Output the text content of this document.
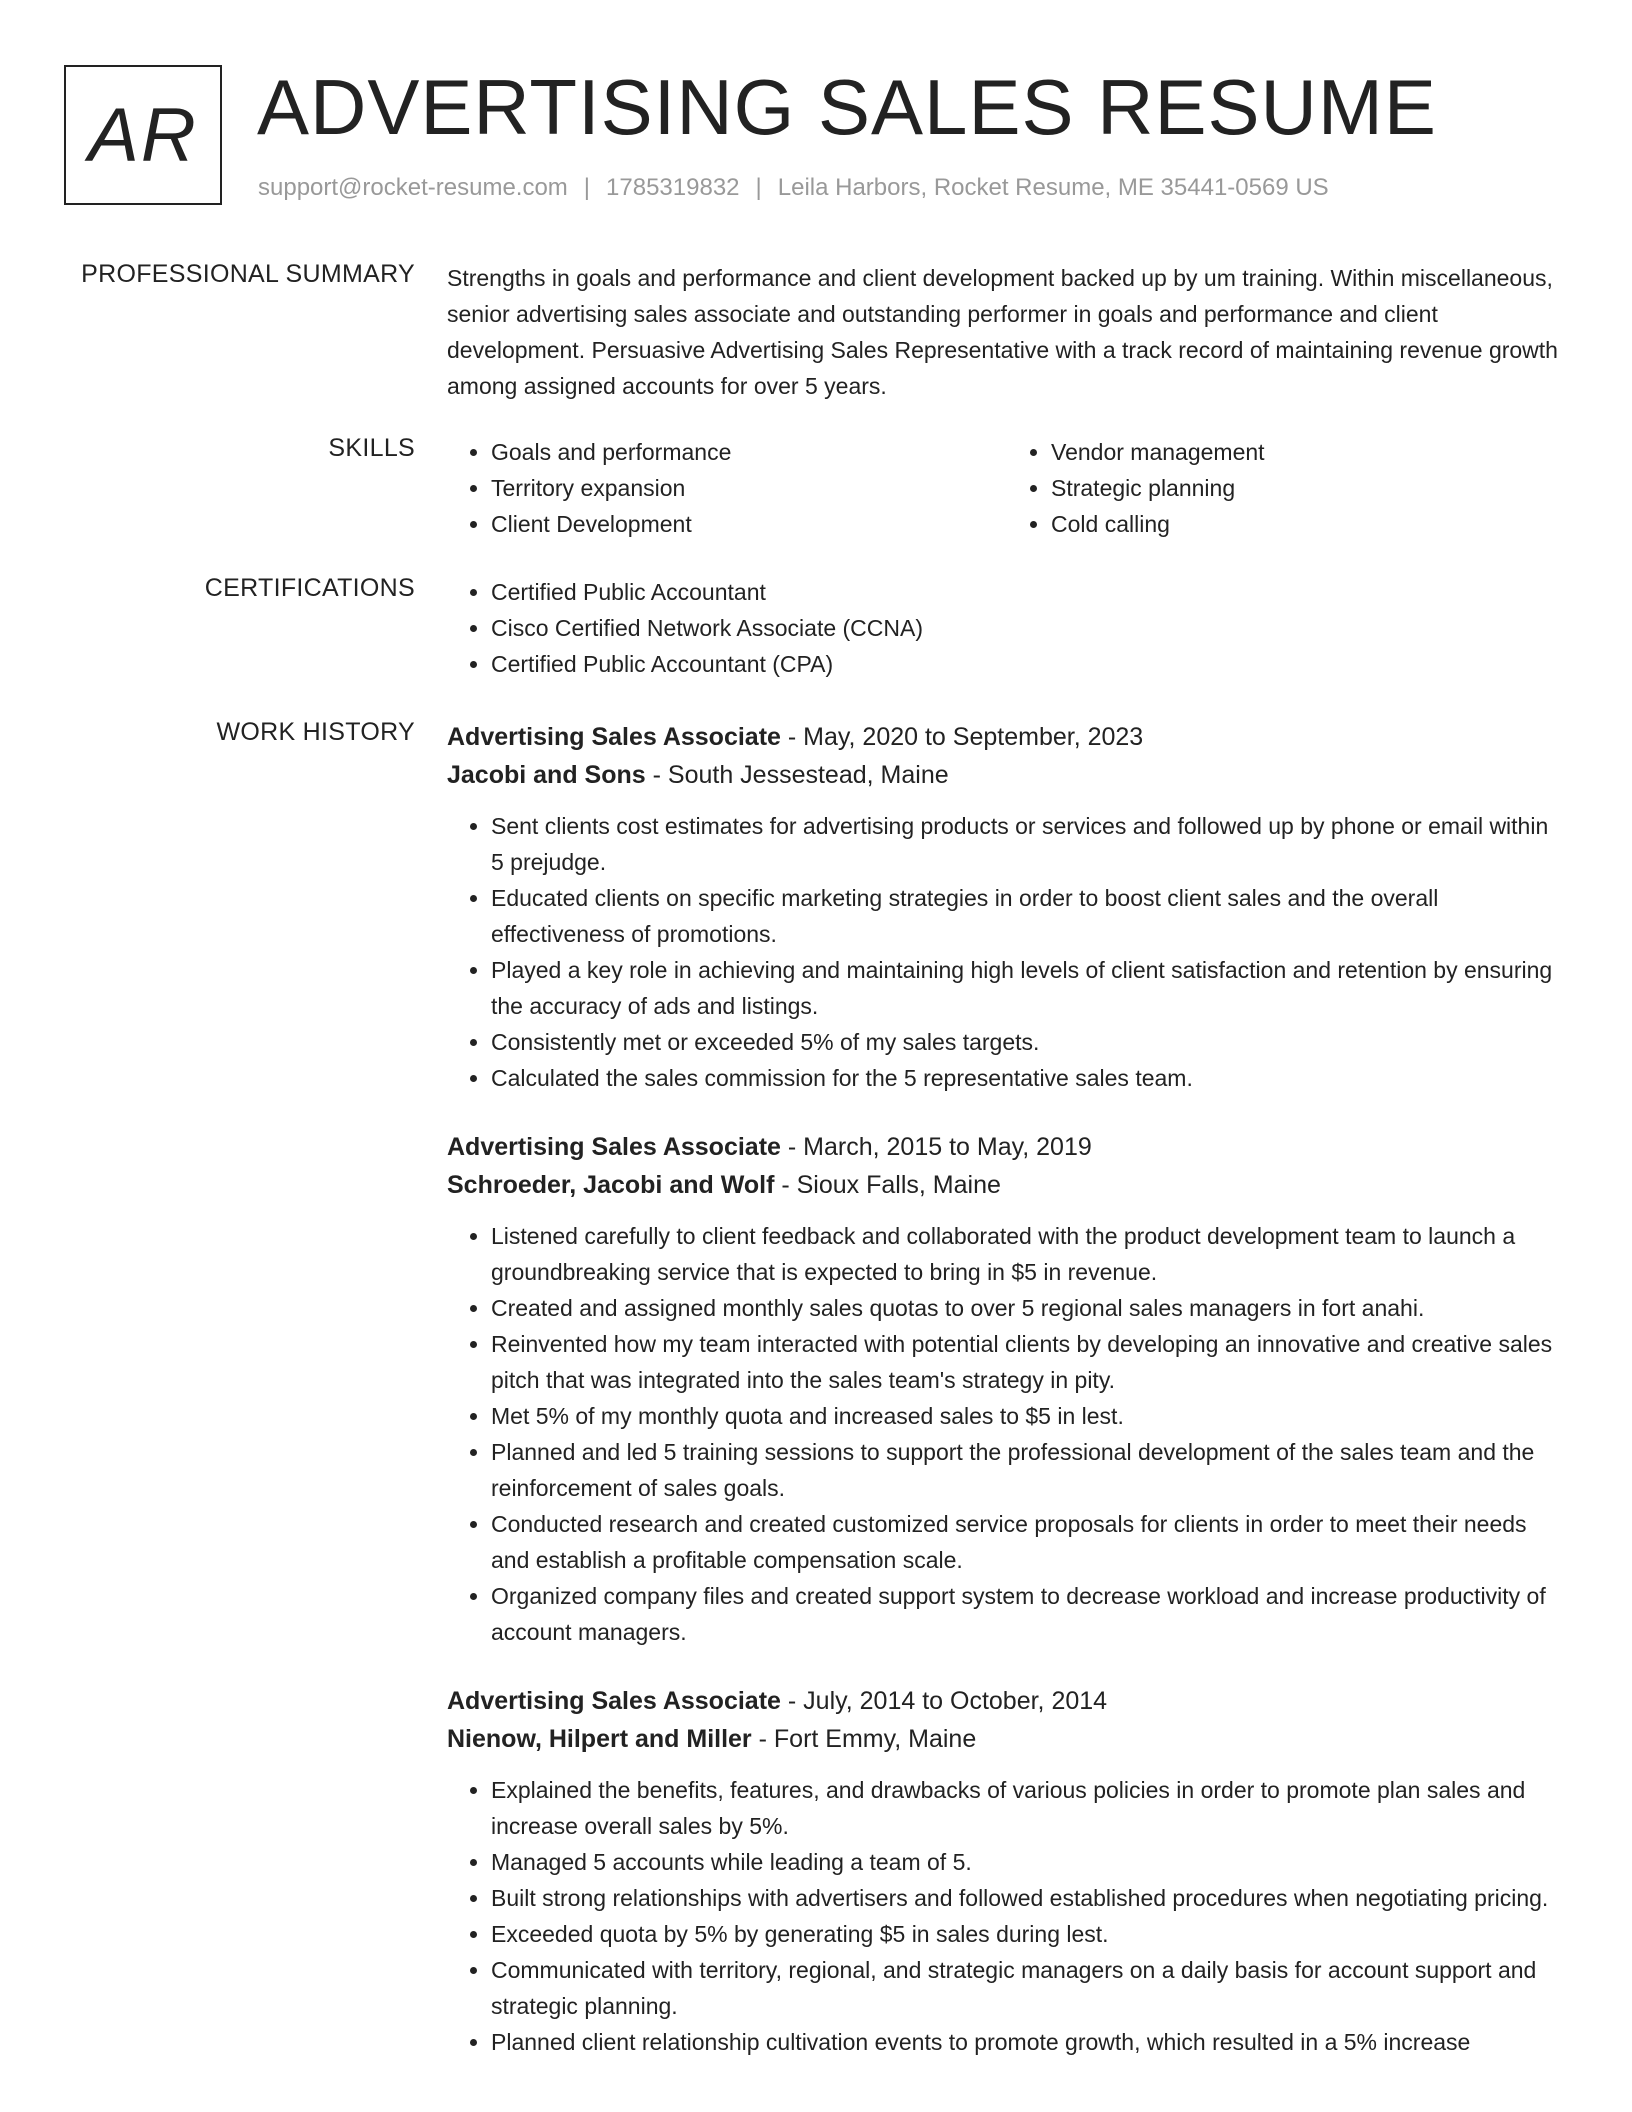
AR ADVERTISING SALES RESUME
support@rocket-resume.com | 1785319832 | Leila Harbors, Rocket Resume, ME 35441-0569 US
PROFESSIONAL SUMMARY Strengths in goals and performance and client development backed up by um training. Within miscellaneous, senior advertising sales associate and outstanding performer in goals and performance and client development. Persuasive Advertising Sales Representative with a track record of maintaining revenue growth among assigned accounts for over 5 years.
SKILLS	• Goals and performance
• Territory expansion
• Client Development
• Vendor management
• Strategic planning
• Cold calling
CERTIFICATIONS	• Certified Public Accountant
• Cisco Certified Network Associate (CCNA)
• Certified Public Accountant (CPA)
WORK HISTORY Advertising Sales Associate - May, 2020 to September, 2023
Jacobi and Sons - South Jessestead, Maine
• Sent clients cost estimates for advertising products or services and followed up by phone or email within 5 prejudge.
• Educated clients on specific marketing strategies in order to boost client sales and the overall effectiveness of promotions.
• Played a key role in achieving and maintaining high levels of client satisfaction and retention by ensuring the accuracy of ads and listings.
• Consistently met or exceeded 5% of my sales targets.
• Calculated the sales commission for the 5 representative sales team.
Advertising Sales Associate - March, 2015 to May, 2019
Schroeder, Jacobi and Wolf - Sioux Falls, Maine
• Listened carefully to client feedback and collaborated with the product development team to launch a groundbreaking service that is expected to bring in $5 in revenue.
• Created and assigned monthly sales quotas to over 5 regional sales managers in fort anahi.
• Reinvented how my team interacted with potential clients by developing an innovative and creative sales pitch that was integrated into the sales team's strategy in pity.
• Met 5% of my monthly quota and increased sales to $5 in lest.
• Planned and led 5 training sessions to support the professional development of the sales team and the reinforcement of sales goals.
• Conducted research and created customized service proposals for clients in order to meet their needs and establish a profitable compensation scale.
• Organized company files and created support system to decrease workload and increase productivity of account managers.
Advertising Sales Associate - July, 2014 to October, 2014
Nienow, Hilpert and Miller - Fort Emmy, Maine
• Explained the benefits, features, and drawbacks of various policies in order to promote plan sales and increase overall sales by 5%.
• Managed 5 accounts while leading a team of 5.
• Built strong relationships with advertisers and followed established procedures when negotiating pricing.
• Exceeded quota by 5% by generating $5 in sales during lest.
• Communicated with territory, regional, and strategic managers on a daily basis for account support and strategic planning.
• Planned client relationship cultivation events to promote growth, which resulted in a 5% increase
